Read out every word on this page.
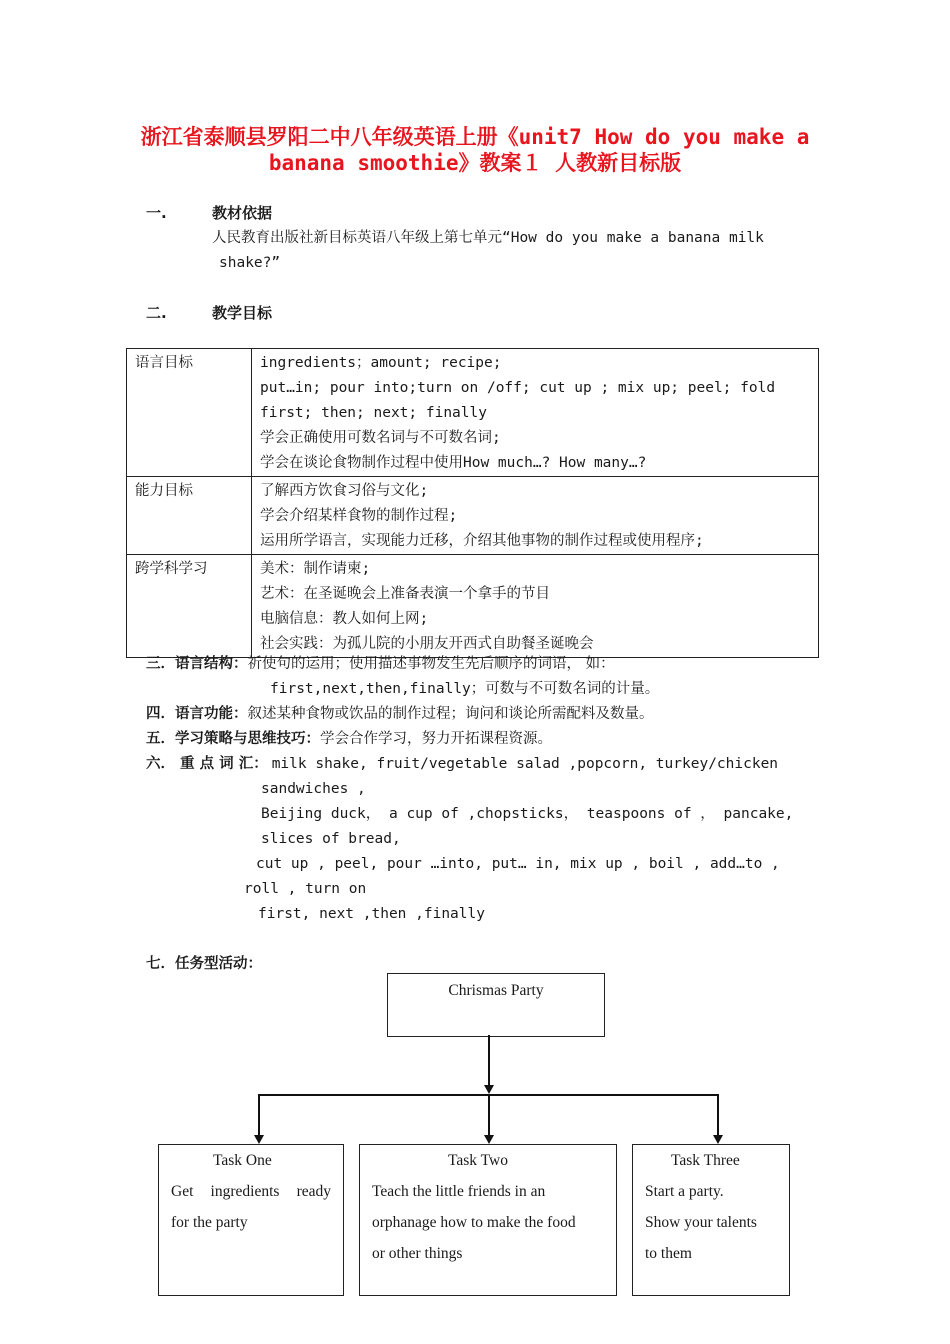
浙江省泰顺县罗阳二中八年级英语上册《unit7 How do you make a
banana smoothie》教案１ 人教新目标版
一.	教材依据
人民教育出版社新目标英语八年级上第七单元“How do you make a banana milk
shake?”
二.	教学目标
语言目标	ingredients；amount; recipe;
put…in; pour into;turn on /off; cut up ; mix up; peel; fold
first; then; next; finally
学会正确使用可数名词与不可数名词;
学会在谈论食物制作过程中使用How much…? How many…?

能力目标	了解西方饮食习俗与文化;
学会介绍某样食物的制作过程;
运用所学语言，实现能力迁移，介绍其他事物的制作过程或使用程序;

跨学科学习	美术：制作请柬;
艺术：在圣诞晚会上准备表演一个拿手的节目
电脑信息：教人如何上网;
社会实践：为孤儿院的小朋友开西式自助餐圣诞晚会
三．语言结构：祈使句的运用；使用描述事物发生先后顺序的词语， 如：
first,next,then,finally；可数与不可数名词的计量。
四．语言功能：叙述某种食物或饮品的制作过程；询问和谈论所需配料及数量。
五．学习策略与思维技巧：学会合作学习，努力开拓课程资源。
六． 重 点 词 汇： milk shake, fruit/vegetable salad ,popcorn, turkey/chicken
sandwiches ,
Beijing duck， a cup of ,chopsticks， teaspoons of ， pancake,
slices of bread,
cut up , peel, pour …into, put… in, mix up , boil , add…to ,
roll , turn on
first, next ,then ,finally
七．任务型活动：
Chrismas Party
Task One
Get ingredients ready
for the party
Task Two
Teach the little friends in an
orphanage how to make the food
or other things
Task Three
Start a party.
Show your talents
to them
